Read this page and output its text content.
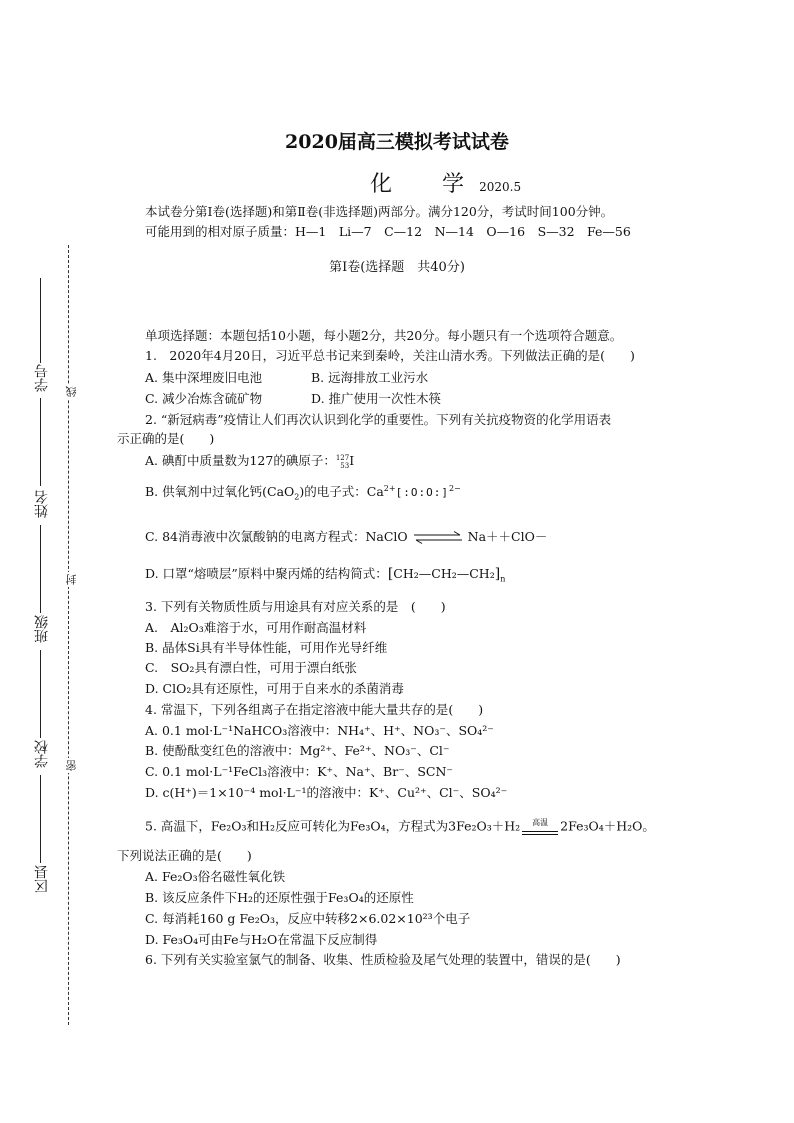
线
封
密
学号
姓名
班级
学校
区县
2020届高三模拟考试试卷
化　　学 2020.5
本试卷分第Ⅰ卷(选择题)和第Ⅱ卷(非选择题)两部分。满分120分，考试时间100分钟。
可能用到的相对原子质量：H—1　Li—7　C—12　N—14　O—16　S—32　Fe—56
第Ⅰ卷(选择题　共40分)
单项选择题：本题包括10小题，每小题2分，共20分。每小题只有一个选项符合题意。
1.　2020年4月20日，习近平总书记来到秦岭，关注山清水秀。下列做法正确的是(　　)
A. 集中深埋废旧电池	B. 远海排放工业污水
C. 减少冶炼含硫矿物	D. 推广使用一次性木筷
2. “新冠病毒”疫情让人们再次认识到化学的重要性。下列有关抗疫物资的化学用语表
示正确的是(　　)
A. 碘酊中质量数为127的碘原子： 127
53 I
B. 供氧剂中过氧化钙(CaO$_2$)的电子式：$Ca^{2+}[:O:O:]^{2-}$
C. 84消毒液中次氯酸钠的电离方程式：NaClO	Na＋＋ClO－
D. 口罩“熔喷层”原料中聚丙烯的结构简式：$[CH_2—CH_2—CH_2]_n$
3. 下列有关物质性质与用途具有对应关系的是　(　　)
A.　Al₂O₃难溶于水，可用作耐高温材料
B. 晶体Si具有半导体性能，可用作光导纤维
C.　SO₂具有漂白性，可用于漂白纸张
D. ClO₂具有还原性，可用于自来水的杀菌消毒
4. 常温下，下列各组离子在指定溶液中能大量共存的是(　　)
A. 0.1 mol·L⁻¹NaHCO₃溶液中：NH₄⁺、H⁺、NO₃⁻、SO₄²⁻
B. 使酚酞变红色的溶液中：Mg²⁺、Fe²⁺、NO₃⁻、Cl⁻
C. 0.1 mol·L⁻¹FeCl₃溶液中：K⁺、Na⁺、Br⁻、SCN⁻
D. c(H⁺)＝1×10⁻⁴ mol·L⁻¹的溶液中：K⁺、Cu²⁺、Cl⁻、SO₄²⁻
5. 高温下，Fe₂O₃和H₂反应可转化为Fe₃O₄，方程式为3Fe₂O₃＋H₂	高温 2Fe₃O₄＋H₂O。
下列说法正确的是(　　)
A. Fe₂O₃俗名磁性氧化铁
B. 该反应条件下H₂的还原性强于Fe₃O₄的还原性
C. 每消耗160 g Fe₂O₃，反应中转移2×6.02×10²³个电子
D. Fe₃O₄可由Fe与H₂O在常温下反应制得
6. 下列有关实验室氯气的制备、收集、性质检验及尾气处理的装置中，错误的是(　　)
